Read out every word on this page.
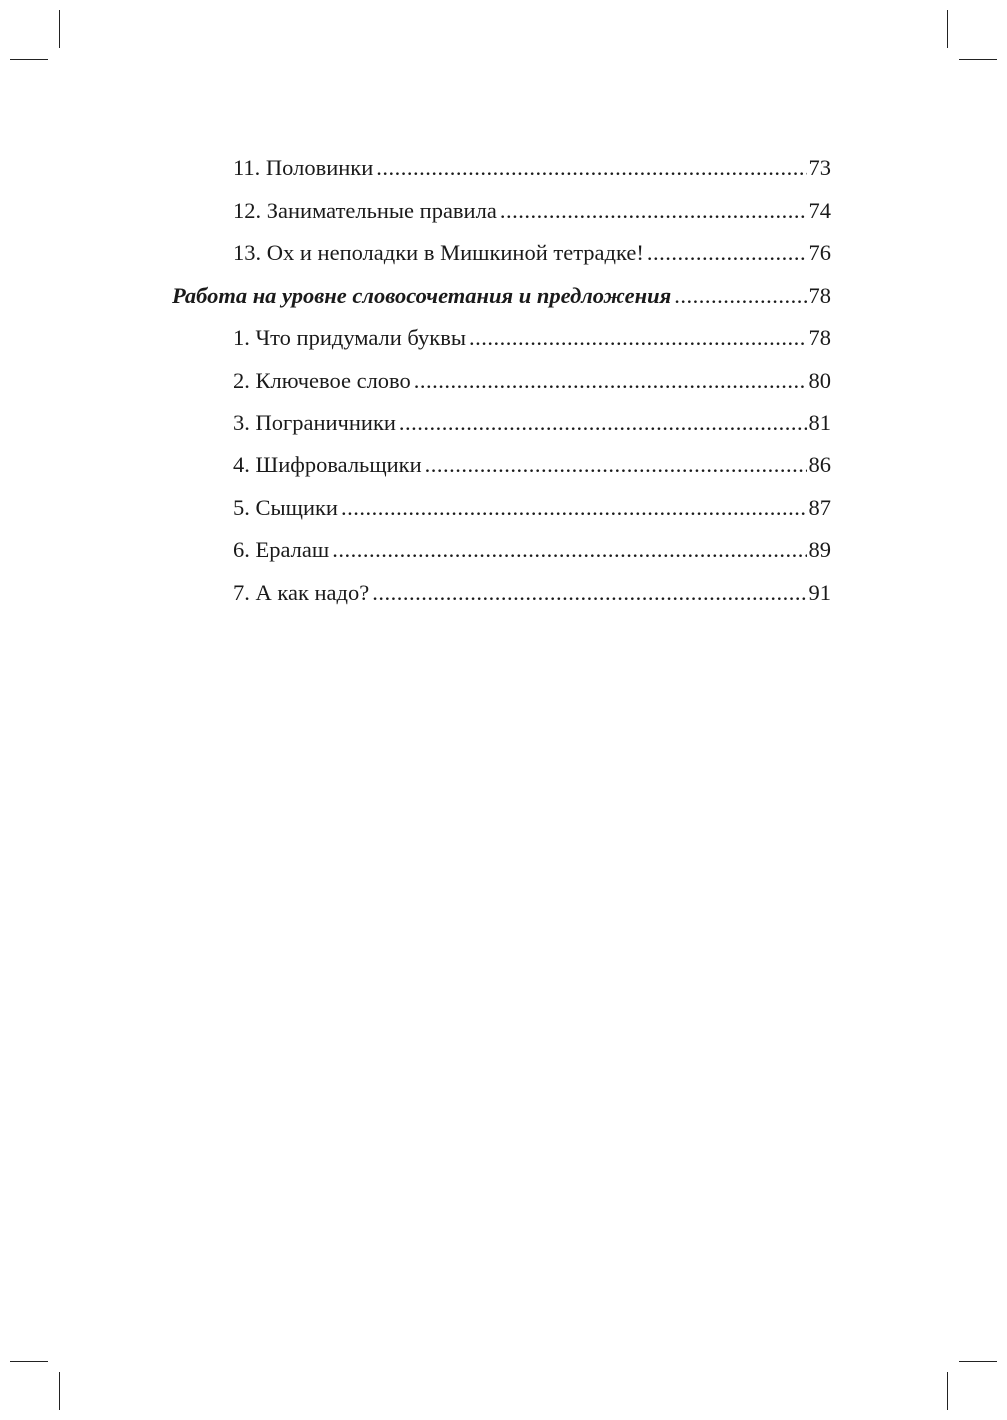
11. Половинки .....	73
12. Занимательные правила .....	74
13. Ох и неполадки в Мишкиной тетрадке! .....	76
Работа на уровне словосочетания и предложения .....	78
1. Что придумали буквы .....	78
2. Ключевое слово .....	80
3. Пограничники .....	81
4. Шифровальщики .....	86
5. Сыщики .....	87
6. Ералаш .....	89
7. А как надо? .....	91
